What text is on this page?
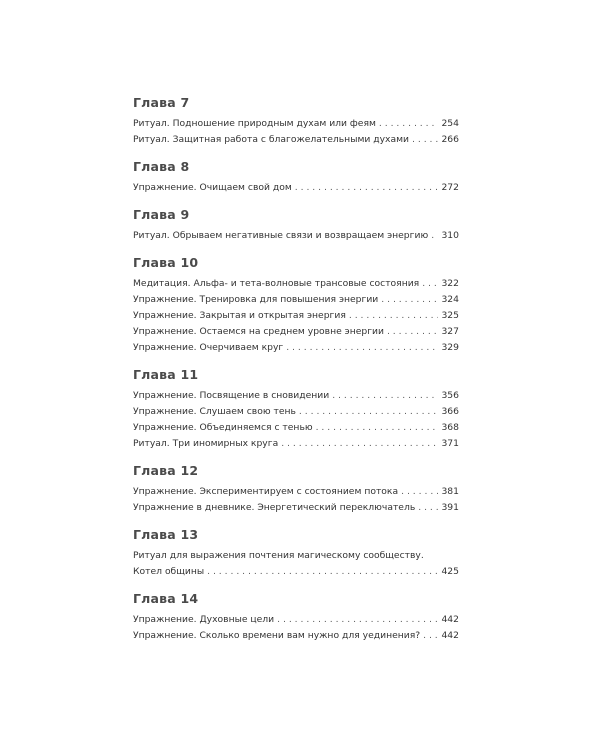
Глава 7
Ритуал. Подношение природным духам или феям . . .	254
Ритуал. Защитная работа с благожелательными духами . . .	266
Глава 8
Упражнение. Очищаем свой дом . . .	272
Глава 9
Ритуал. Обрываем негативные связи и возвращаем энергию . . . 310
Глава 10
Медитация. Альфа- и тета-волновые трансовые состояния . . . 322
Упражнение. Тренировка для повышения энергии . . .	324
Упражнение. Закрытая и открытая энергия . . .	325
Упражнение. Остаемся на среднем уровне энергии . . .	327
Упражнение. Очерчиваем круг . . .	329
Глава 11
Упражнение. Посвящение в сновидении . . .	356
Упражнение. Слушаем свою тень . . .	366
Упражнение. Объединяемся с тенью . . .	368
Ритуал. Три иномирных круга . . .	371
Глава 12
Упражнение. Экспериментируем с состоянием потока . . .	381
Упражнение в дневнике. Энергетический переключатель . . .	391
Глава 13
Ритуал для выражения почтения магическому сообществу.
Котел общины . . .	425
Глава 14
Упражнение. Духовные цели . . .	442
Упражнение. Сколько времени вам нужно для уединения? . . . 442
